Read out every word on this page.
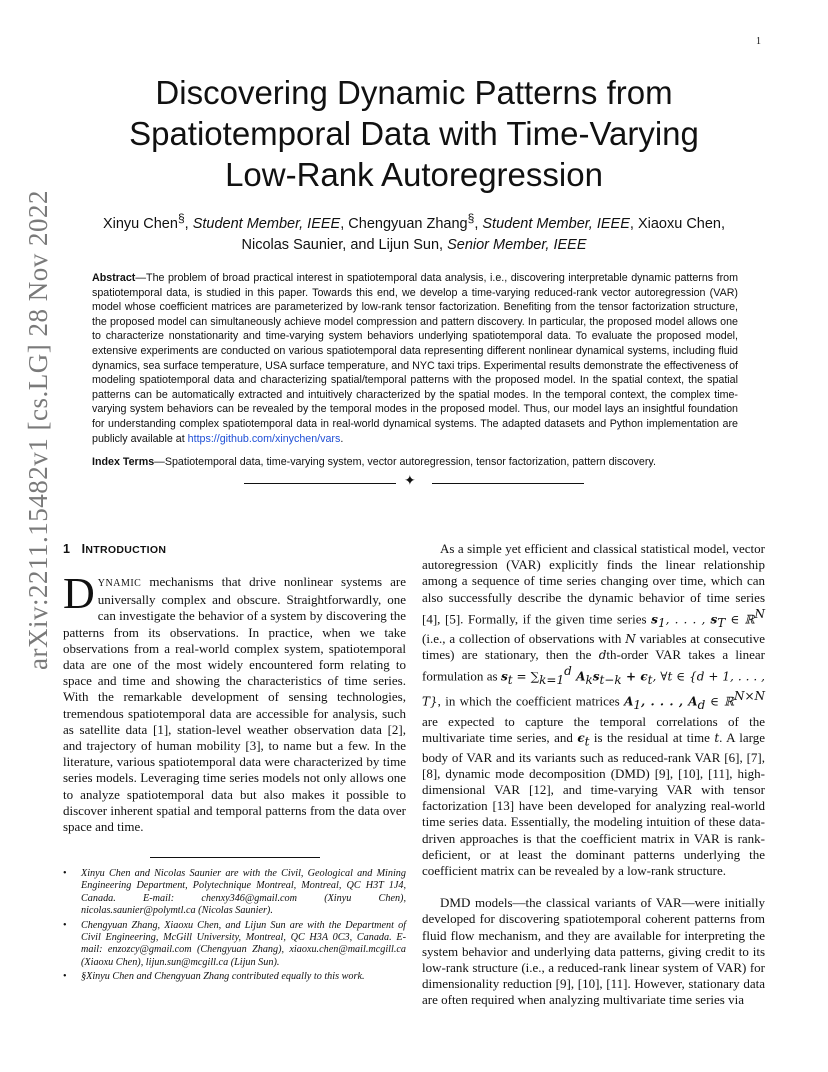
1
arXiv:2211.15482v1 [cs.LG] 28 Nov 2022
Discovering Dynamic Patterns from
Spatiotemporal Data with Time-Varying
Low-Rank Autoregression
Xinyu Chen§, Student Member, IEEE, Chengyuan Zhang§, Student Member, IEEE, Xiaoxu Chen,
Nicolas Saunier, and Lijun Sun, Senior Member, IEEE
Abstract—The problem of broad practical interest in spatiotemporal data analysis, i.e., discovering interpretable dynamic patterns from spatiotemporal data, is studied in this paper. Towards this end, we develop a time-varying reduced-rank vector autoregression (VAR) model whose coefficient matrices are parameterized by low-rank tensor factorization. Benefiting from the tensor factorization structure, the proposed model can simultaneously achieve model compression and pattern discovery. In particular, the proposed model allows one to characterize nonstationarity and time-varying system behaviors underlying spatiotemporal data. To evaluate the proposed model, extensive experiments are conducted on various spatiotemporal data representing different nonlinear dynamical systems, including fluid dynamics, sea surface temperature, USA surface temperature, and NYC taxi trips. Experimental results demonstrate the effectiveness of modeling spatiotemporal data and characterizing spatial/temporal patterns with the proposed model. In the spatial context, the spatial patterns can be automatically extracted and intuitively characterized by the spatial modes. In the temporal context, the complex time-varying system behaviors can be revealed by the temporal modes in the proposed model. Thus, our model lays an insightful foundation for understanding complex spatiotemporal data in real-world dynamical systems. The adapted datasets and Python implementation are publicly available at https://github.com/xinychen/vars.
Index Terms—Spatiotemporal data, time-varying system, vector autoregression, tensor factorization, pattern discovery.
✦
1 INTRODUCTION
DYNAMIC mechanisms that drive nonlinear systems are universally complex and obscure. Straightforwardly, one can investigate the behavior of a system by discovering the patterns from its observations. In practice, when we take observations from a real-world complex system, spatiotemporal data are one of the most widely encountered form relating to space and time and showing the characteristics of time series. With the remarkable development of sensing technologies, tremendous spatiotemporal data are accessible for analysis, such as satellite data [1], station-level weather observation data [2], and trajectory of human mobility [3], to name but a few. In the literature, various spatiotemporal data were characterized by time series models. Leveraging time series models not only allows one to analyze spatiotemporal data but also makes it possible to discover inherent spatial and temporal patterns from the data over space and time.
• Xinyu Chen and Nicolas Saunier are with the Civil, Geological and Mining Engineering Department, Polytechnique Montreal, Montreal, QC H3T 1J4, Canada. E-mail: chenxy346@gmail.com (Xinyu Chen), nicolas.saunier@polymtl.ca (Nicolas Saunier).
• Chengyuan Zhang, Xiaoxu Chen, and Lijun Sun are with the Department of Civil Engineering, McGill University, Montreal, QC H3A 0C3, Canada. E-mail: enzozcy@gmail.com (Chengyuan Zhang), xiaoxu.chen@mail.mcgill.ca (Xiaoxu Chen), lijun.sun@mcgill.ca (Lijun Sun).
• §Xinyu Chen and Chengyuan Zhang contributed equally to this work.

As a simple yet efficient and classical statistical model, vector autoregression (VAR) explicitly finds the linear relationship among a sequence of time series changing over time, which can also successfully describe the dynamic behavior of time series [4], [5]. Formally, if the given time series $s_1$, . . . , $s_T$ ∈ ℝ$^N$ (i.e., a collection of observations with N variables at consecutive times) are stationary, then the dth-order VAR takes a linear formulation as $s_t = \sum_{k=1}^d$ $A_ks_{t-k} + \epsilon_t$, ∀t ∈ {d + 1, . . . , T}, in which the coefficient matrices $A_1$, . . . , $A_d$ ∈ ℝ$^{N\times N}$ are expected to capture the temporal correlations of the multivariate time series, and $\epsilon_t$ is the residual at time t. A large body of VAR and its variants such as reduced-rank VAR [6], [7], [8], dynamic mode decomposition (DMD) [9], [10], [11], high-dimensional VAR [12], and time-varying VAR with tensor factorization [13] have been developed for analyzing real-world time series data. Essentially, the modeling intuition of these data-driven approaches is that the coefficient matrix in VAR is rank-deficient, or at least the dominant patterns underlying the coefficient matrix can be revealed by a low-rank structure.

DMD models—the classical variants of VAR—were initially developed for discovering spatiotemporal coherent patterns from fluid flow mechanism, and they are available for interpreting the system behavior and underlying data patterns, giving credit to its low-rank structure (i.e., a reduced-rank linear system of VAR) for dimensionality reduction [9], [10], [11]. However, stationary data are often required when analyzing multivariate time series via
